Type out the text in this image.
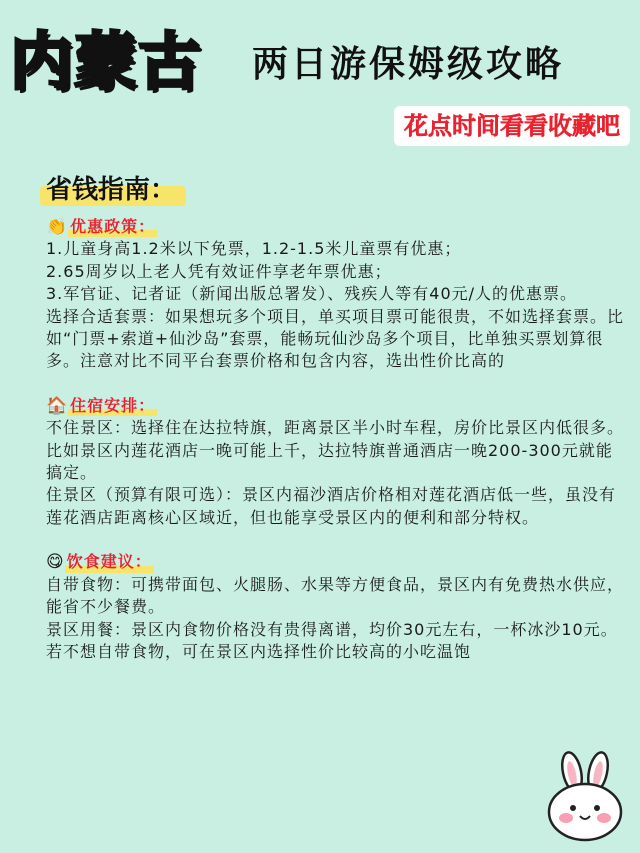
内蒙古 两日游保姆级攻略
花点时间看看收藏吧
省钱指南：
👏 优惠政策：

1.儿童身高1.2米以下免票，1.2-1.5米儿童票有优惠；

2.65周岁以上老人凭有效证件享老年票优惠；

3.军官证、记者证（新闻出版总署发）、残疾人等有40元/人的优惠票。

选择合适套票：如果想玩多个项目，单买项目票可能很贵，不如选择套票。比如“门票+索道+仙沙岛”套票，能畅玩仙沙岛多个项目，比单独买票划算很多。注意对比不同平台套票价格和包含内容，选出性价比高的

🏠 住宿安排：

不住景区：选择住在达拉特旗，距离景区半小时车程，房价比景区内低很多。比如景区内莲花酒店一晚可能上千，达拉特旗普通酒店一晚200-300元就能搞定。

住景区（预算有限可选）：景区内福沙酒店价格相对莲花酒店低一些，虽没有莲花酒店距离核心区域近，但也能享受景区内的便利和部分特权。

😋 饮食建议：

自带食物：可携带面包、火腿肠、水果等方便食品，景区内有免费热水供应，能省不少餐费。

景区用餐：景区内食物价格没有贵得离谱，均价30元左右，一杯冰沙10元。若不想自带食物，可在景区内选择性价比较高的小吃温饱
